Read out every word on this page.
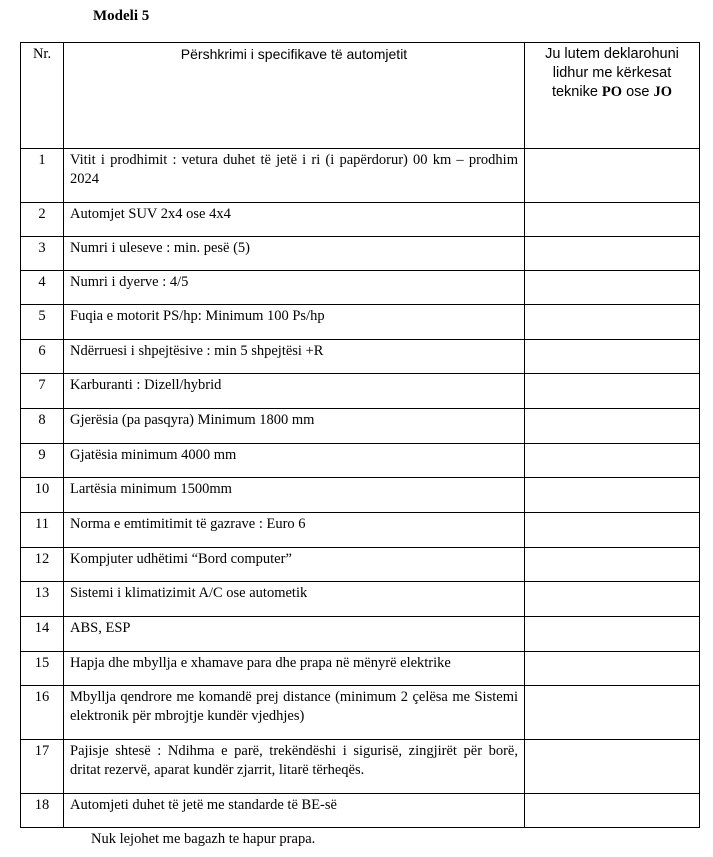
Modeli 5
Nr.	Përshkrimi i specifikave të automjetit	Ju lutem deklarohuni lidhur me kërkesat teknike PO ose JO
1	Vitit i prodhimit : vetura duhet të jetë i ri (i papërdorur) 00 km – prodhim 2024	
2	Automjet SUV 2x4 ose 4x4	
3	Numri i uleseve : min. pesë (5)	
4	Numri i dyerve : 4/5	
5	Fuqia e motorit PS/hp: Minimum 100 Ps/hp	
6	Ndërruesi i shpejtësive : min 5 shpejtësi +R	
7	Karburanti : Dizell/hybrid	
8	Gjerësia (pa pasqyra) Minimum 1800 mm	
9	Gjatësia minimum 4000 mm	
10	Lartësia minimum 1500mm	
11	Norma e emtimitimit të gazrave : Euro 6	
12	Kompjuter udhëtimi “Bord computer”	
13	Sistemi i klimatizimit A/C ose autometik	
14	ABS, ESP	
15	Hapja dhe mbyllja e xhamave para dhe prapa në mënyrë elektrike	
16	Mbyllja qendrore me komandë prej distance (minimum 2 çelësa me Sistemi elektronik për mbrojtje kundër vjedhjes)	
17	Pajisje shtesë : Ndihma e parë, trekëndëshi i sigurisë, zingjirët për borë, dritat rezervë, aparat kundër zjarrit, litarë tërheqës.	
18	Automjeti duhet të jetë me standarde të BE-së	
Nuk lejohet me bagazh te hapur prapa.
